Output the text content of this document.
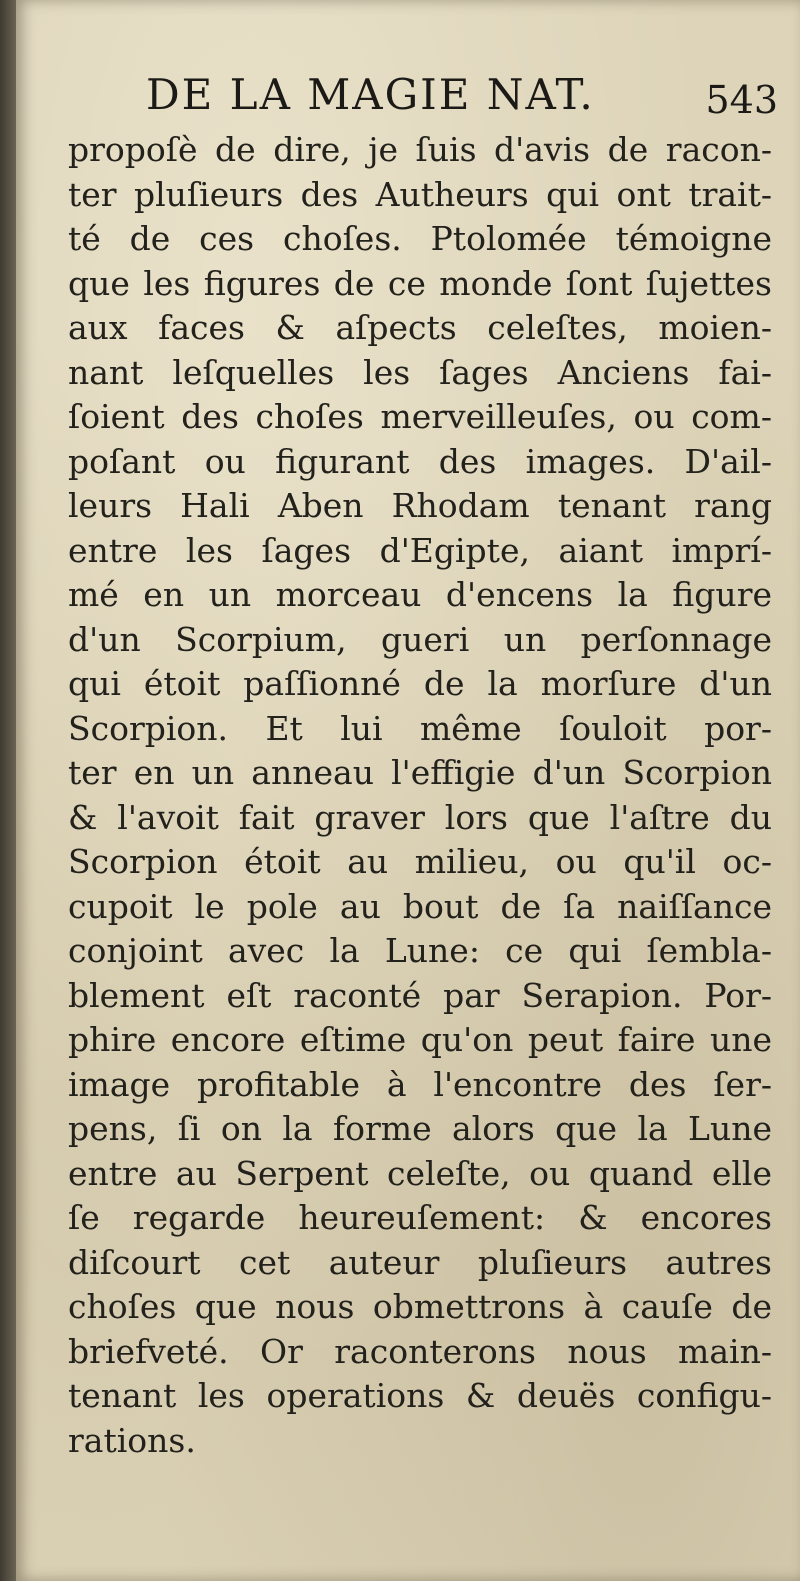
DE LA MAGIE NAT.	543
propoſè de dire, je ſuis d'avis de racon-
ter pluſieurs des Autheurs qui ont trait-
té de ces choſes. Ptolomée témoigne
que les figures de ce monde ſont ſujettes
aux faces & aſpects celeſtes, moien-
nant leſquelles les ſages Anciens fai-
ſoient des choſes merveilleuſes, ou com-
poſant ou figurant des images. D'ail-
leurs Hali Aben Rhodam tenant rang
entre les ſages d'Egipte, aiant imprí-
mé en un morceau d'encens la figure
d'un Scorpium, gueri un perſonnage
qui étoit paſſionné de la morſure d'un
Scorpion. Et lui même ſouloit por-
ter en un anneau l'effigie d'un Scorpion
& l'avoit fait graver lors que l'aſtre du
Scorpion étoit au milieu, ou qu'il oc-
cupoit le pole au bout de ſa naiſſance
conjoint avec la Lune: ce qui ſembla-
blement eſt raconté par Serapion. Por-
phire encore eſtime qu'on peut faire une
image profitable à l'encontre des ſer-
pens, ſi on la forme alors que la Lune
entre au Serpent celeſte, ou quand elle
ſe regarde heureuſement: & encores
diſcourt cet auteur pluſieurs autres
choſes que nous obmettrons à cauſe de
briefveté. Or raconterons nous main-
tenant les operations & deuës configu-
rations.
